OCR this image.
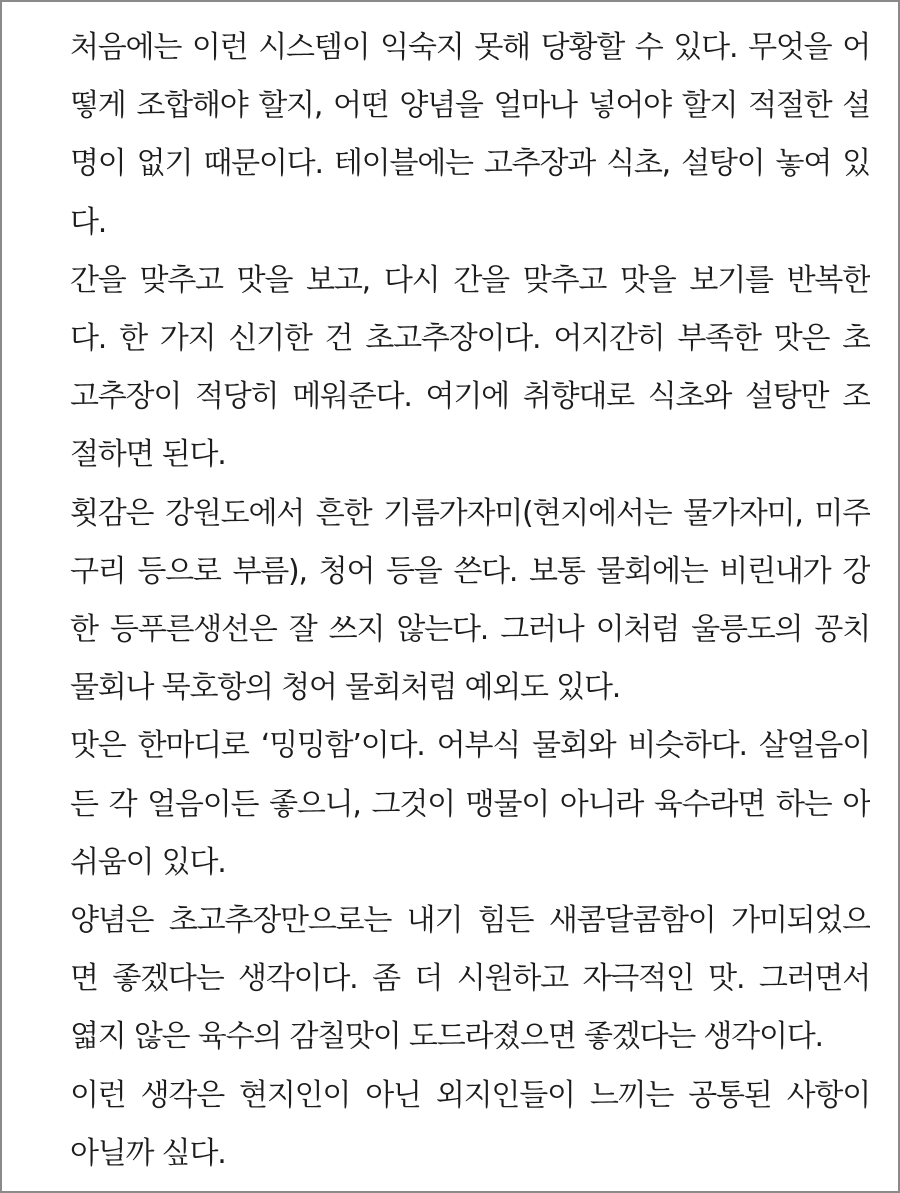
처음에는 이런 시스템이 익숙지 못해 당황할 수 있다. 무엇을 어
떻게 조합해야 할지, 어떤 양념을 얼마나 넣어야 할지 적절한 설
명이 없기 때문이다. 테이블에는 고추장과 식초, 설탕이 놓여 있
다.
간을 맞추고 맛을 보고, 다시 간을 맞추고 맛을 보기를 반복한
다. 한 가지 신기한 건 초고추장이다. 어지간히 부족한 맛은 초
고추장이 적당히 메워준다. 여기에 취향대로 식초와 설탕만 조
절하면 된다.
횟감은 강원도에서 흔한 기름가자미(현지에서는 물가자미, 미주
구리 등으로 부름), 청어 등을 쓴다. 보통 물회에는 비린내가 강
한 등푸른생선은 잘 쓰지 않는다. 그러나 이처럼 울릉도의 꽁치
물회나 묵호항의 청어 물회처럼 예외도 있다.
맛은 한마디로 ‘밍밍함’이다. 어부식 물회와 비슷하다. 살얼음이
든 각 얼음이든 좋으니, 그것이 맹물이 아니라 육수라면 하는 아
쉬움이 있다.
양념은 초고추장만으로는 내기 힘든 새콤달콤함이 가미되었으
면 좋겠다는 생각이다. 좀 더 시원하고 자극적인 맛. 그러면서
엷지 않은 육수의 감칠맛이 도드라졌으면 좋겠다는 생각이다.
이런 생각은 현지인이 아닌 외지인들이 느끼는 공통된 사항이
아닐까 싶다.
